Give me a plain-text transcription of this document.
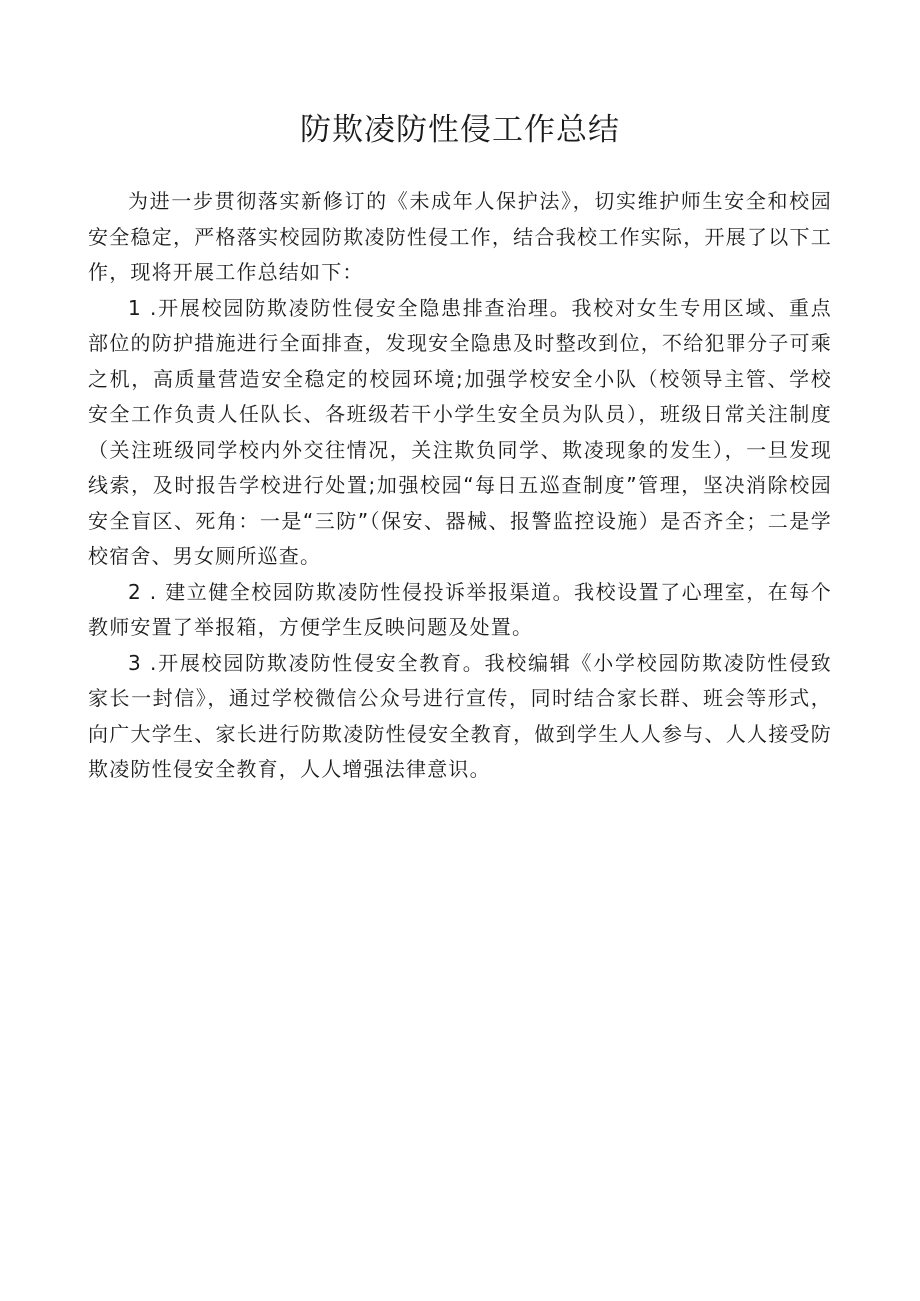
防欺凌防性侵工作总结

为进一步贯彻落实新修订的《未成年人保护法》，切实维护师生安全和校园安全稳定，严格落实校园防欺凌防性侵工作，结合我校工作实际，开展了以下工作，现将开展工作总结如下：

1 .开展校园防欺凌防性侵安全隐患排查治理。我校对女生专用区域、重点部位的防护措施进行全面排查，发现安全隐患及时整改到位，不给犯罪分子可乘之机，高质量营造安全稳定的校园环境;加强学校安全小队（校领导主管、学校安全工作负责人任队长、各班级若干小学生安全员为队员），班级日常关注制度（关注班级同学校内外交往情况，关注欺负同学、欺凌现象的发生），一旦发现线索，及时报告学校进行处置;加强校园“每日五巡查制度”管理，坚决消除校园安全盲区、死角：一是“三防”（保安、器械、报警监控设施）是否齐全；二是学校宿舍、男女厕所巡查。

2 . 建立健全校园防欺凌防性侵投诉举报渠道。我校设置了心理室，在每个教师安置了举报箱，方便学生反映问题及处置。

3 .开展校园防欺凌防性侵安全教育。我校编辑《小学校园防欺凌防性侵致家长一封信》，通过学校微信公众号进行宣传，同时结合家长群、班会等形式，向广大学生、家长进行防欺凌防性侵安全教育，做到学生人人参与、人人接受防欺凌防性侵安全教育，人人增强法律意识。
